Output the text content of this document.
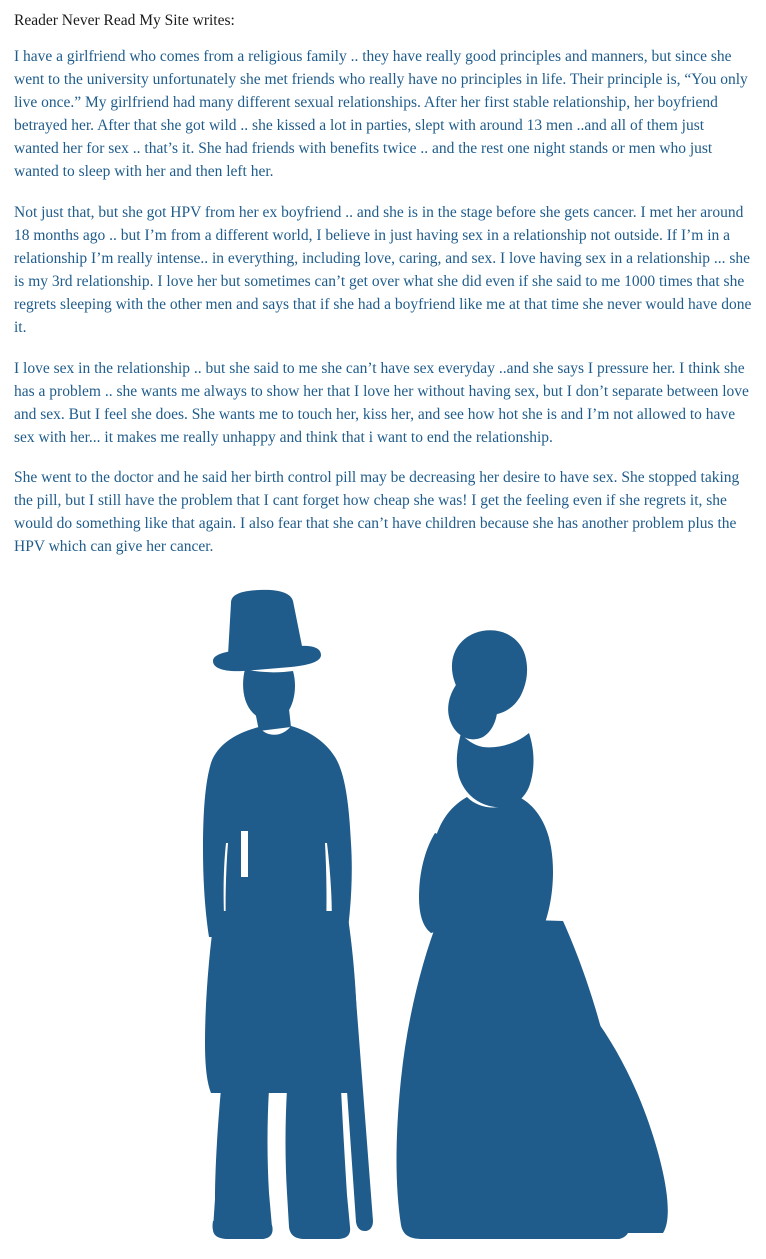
Reader Never Read My Site writes:

I have a girlfriend who comes from a religious family .. they have really good principles and manners, but since she went to the university unfortunately she met friends who really have no principles in life. Their principle is, “You only live once.” My girlfriend had many different sexual relationships. After her first stable relationship, her boyfriend betrayed her. After that she got wild .. she kissed a lot in parties, slept with around 13 men ..and all of them just wanted her for sex .. that’s it. She had friends with benefits twice .. and the rest one night stands or men who just wanted to sleep with her and then left her.

Not just that, but she got HPV from her ex boyfriend .. and she is in the stage before she gets cancer. I met her around 18 months ago .. but I’m from a different world, I believe in just having sex in a relationship not outside. If I’m in a relationship I’m really intense.. in everything, including love, caring, and sex. I love having sex in a relationship ... she is my 3rd relationship. I love her but sometimes can’t get over what she did even if she said to me 1000 times that she regrets sleeping with the other men and says that if she had a boyfriend like me at that time she never would have done it.

I love sex in the relationship .. but she said to me she can’t have sex everyday ..and she says I pressure her. I think she has a problem .. she wants me always to show her that I love her without having sex, but I don’t separate between love and sex. But I feel she does. She wants me to touch her, kiss her, and see how hot she is and I’m not allowed to have sex with her... it makes me really unhappy and think that i want to end the relationship.

She went to the doctor and he said her birth control pill may be decreasing her desire to have sex. She stopped taking the pill, but I still have the problem that I cant forget how cheap she was! I get the feeling even if she regrets it, she would do something like that again. I also fear that she can’t have children because she has another problem plus the HPV which can give her cancer.
